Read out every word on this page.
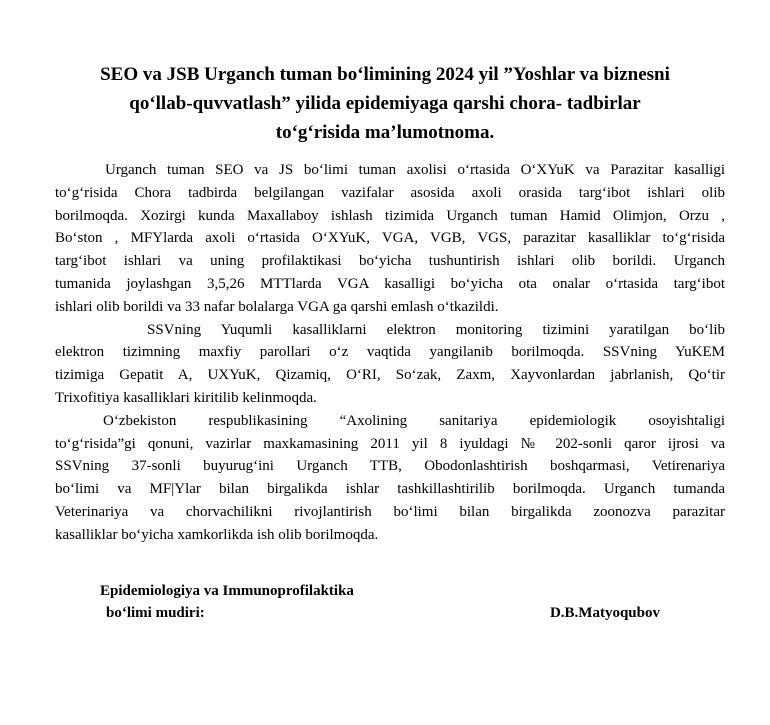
SEO va JSB Urganch tuman boʻlimining 2024 yil ”Yoshlar va biznesni
qoʻllab-quvvatlash” yilida epidemiyaga qarshi chora- tadbirlar
toʻgʻrisida maʼlumotnoma.
Urganch tuman SEO va JS boʻlimi tuman axolisi oʻrtasida OʻXYuK va Parazitar kasalligi
toʻgʻrisida Chora tadbirda belgilangan vazifalar asosida axoli orasida targʻibot ishlari olib
borilmoqda. Xozirgi kunda Maxallaboy ishlash tizimida Urganch tuman Hamid Olimjon, Orzu ,
Boʻston , MFYlarda axoli oʻrtasida OʻXYuK, VGA, VGB, VGS, parazitar kasalliklar toʻgʻrisida
targʻibot ishlari va uning profilaktikasi boʻyicha tushuntirish ishlari olib borildi. Urganch
tumanida joylashgan 3,5,26 MTTlarda VGA kasalligi boʻyicha ota onalar oʻrtasida targʻibot
ishlari olib borildi va 33 nafar bolalarga VGA ga qarshi emlash oʻtkazildi.
SSVning Yuqumli kasalliklarni elektron monitoring tizimini yaratilgan boʻlib
elektron tizimning maxfiy parollari oʻz vaqtida yangilanib borilmoqda. SSVning YuKEM
tizimiga Gepatit A, UXYuK, Qizamiq, OʻRI, Soʻzak, Zaxm, Xayvonlardan jabrlanish, Qoʻtir
Trixofitiya kasalliklari kiritilib kelinmoqda.
Oʻzbekiston respublikasining “Axolining sanitariya epidemiologik osoyishtaligi
toʻgʻrisida”gi qonuni, vazirlar maxkamasining 2011 yil 8 iyuldagi № 202-sonli qaror ijrosi va
SSVning 37-sonli buyurugʻini Urganch TTB, Obodonlashtirish boshqarmasi, Vetirenariya
boʻlimi va MF|Ylar bilan birgalikda ishlar tashkillashtirilib borilmoqda. Urganch tumanda
Veterinariya va chorvachilikni rivojlantirish boʻlimi bilan birgalikda zoonozva parazitar
kasalliklar boʻyicha xamkorlikda ish olib borilmoqda.
Epidemiologiya va Immunoprofilaktika
boʻlimi mudiri:	D.B.Matyoqubov
